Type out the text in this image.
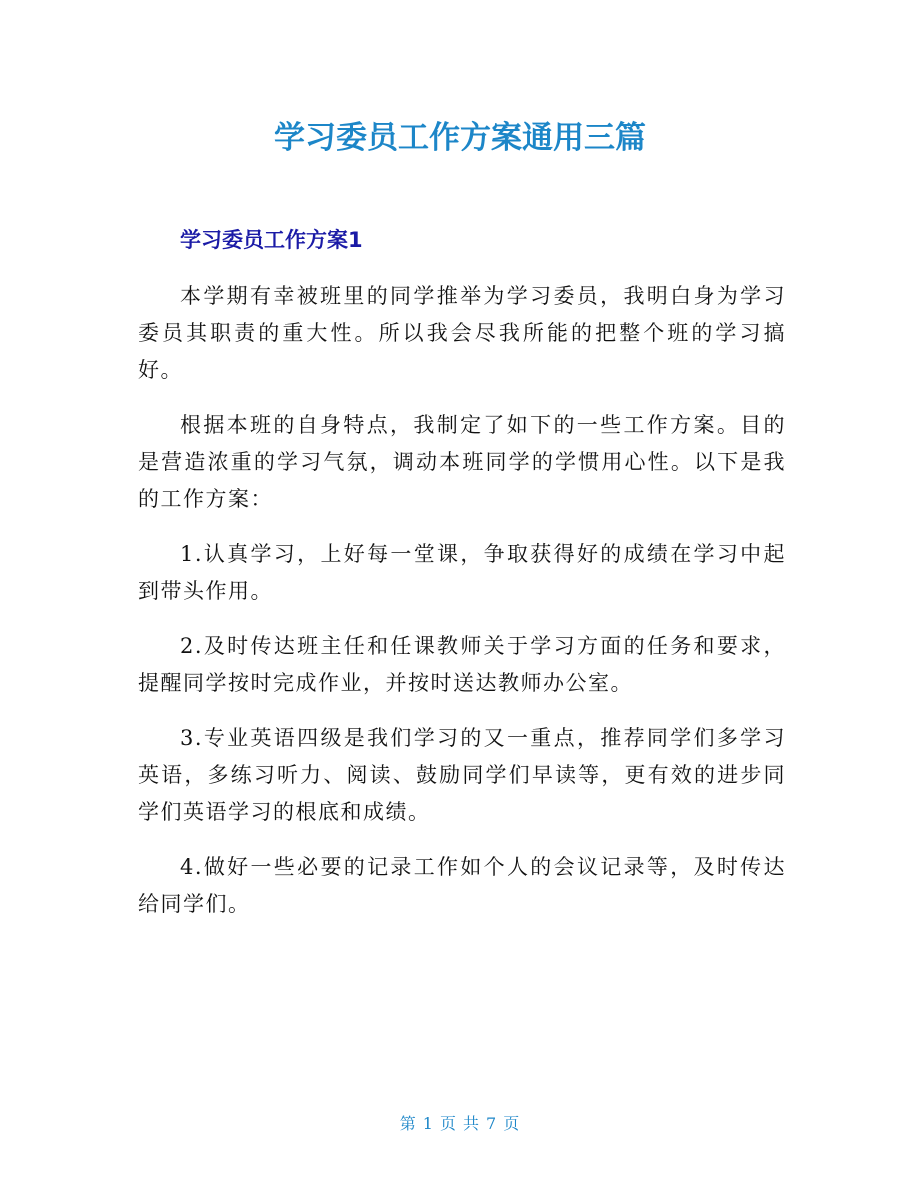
学习委员工作方案通用三篇
学习委员工作方案1

本学期有幸被班里的同学推举为学习委员，我明白身为学习委员其职责的重大性。所以我会尽我所能的把整个班的学习搞好。

根据本班的自身特点，我制定了如下的一些工作方案。目的是营造浓重的学习气氛，调动本班同学的学惯用心性。以下是我的工作方案：

1.认真学习，上好每一堂课，争取获得好的成绩在学习中起到带头作用。

2.及时传达班主任和任课教师关于学习方面的任务和要求，提醒同学按时完成作业，并按时送达教师办公室。

3.专业英语四级是我们学习的又一重点，推荐同学们多学习英语，多练习听力、阅读、鼓励同学们早读等，更有效的进步同学们英语学习的根底和成绩。

4.做好一些必要的记录工作如个人的会议记录等，及时传达给同学们。

第 1 页 共 7 页
